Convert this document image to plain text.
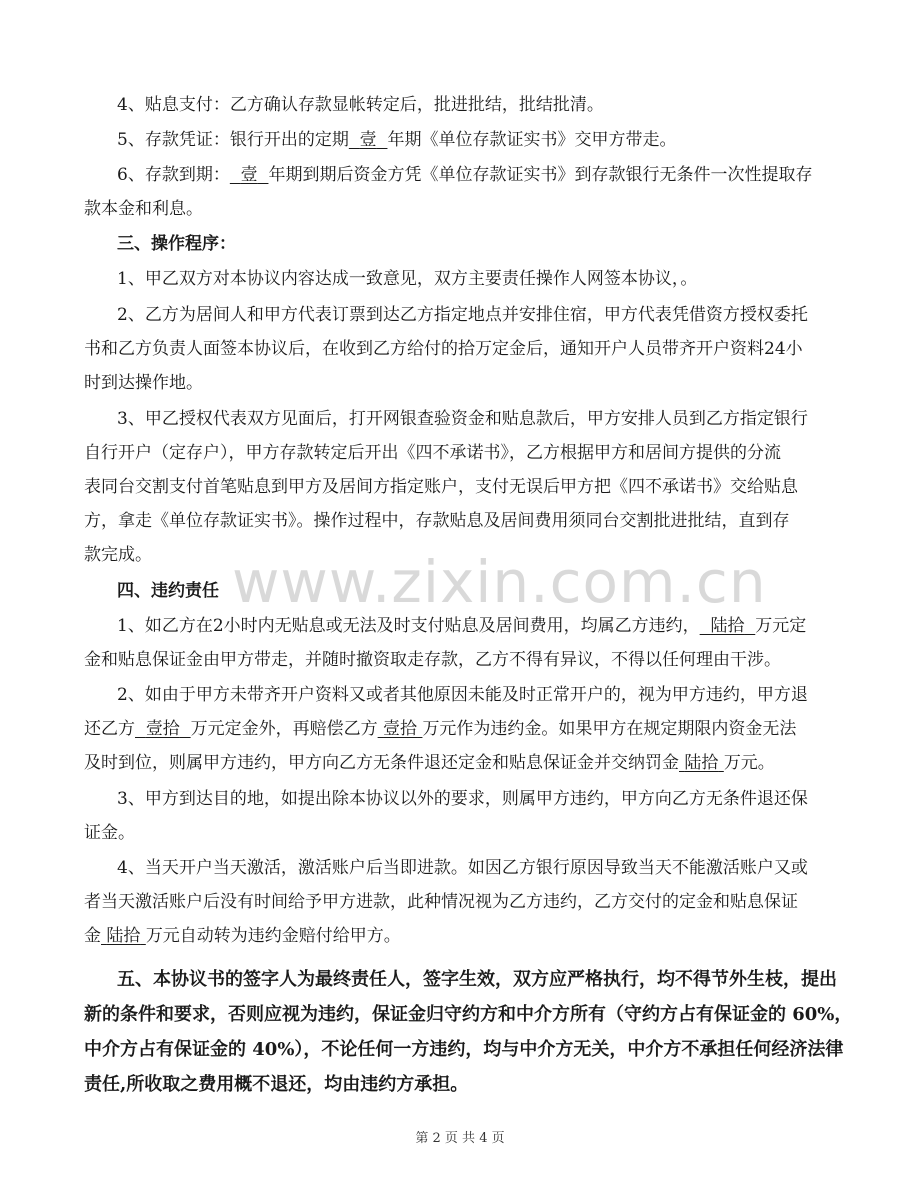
www.zixin.com.cn
4、贴息支付：乙方确认存款显帐转定后，批进批结，批结批清。
5、存款凭证：银行开出的定期 壹 年期《单位存款证实书》交甲方带走。
6、存款到期： 壹 年期到期后资金方凭《单位存款证实书》到存款银行无条件一次性提取存
款本金和利息。
三、操作程序：
1、甲乙双方对本协议内容达成一致意见，双方主要责任操作人网签本协议，。
2、乙方为居间人和甲方代表订票到达乙方指定地点并安排住宿，甲方代表凭借资方授权委托
书和乙方负责人面签本协议后，在收到乙方给付的拾万定金后，通知开户人员带齐开户资料24小
时到达操作地。
3、甲乙授权代表双方见面后，打开网银查验资金和贴息款后，甲方安排人员到乙方指定银行
自行开户（定存户），甲方存款转定后开出《四不承诺书》，乙方根据甲方和居间方提供的分流
表同台交割支付首笔贴息到甲方及居间方指定账户，支付无误后甲方把《四不承诺书》交给贴息
方，拿走《单位存款证实书》。操作过程中，存款贴息及居间费用须同台交割批进批结，直到存
款完成。
四、违约责任
1、如乙方在2小时内无贴息或无法及时支付贴息及居间费用，均属乙方违约， 陆拾 万元定
金和贴息保证金由甲方带走，并随时撤资取走存款，乙方不得有异议，不得以任何理由干涉。
2、如由于甲方未带齐开户资料又或者其他原因未能及时正常开户的，视为甲方违约，甲方退
还乙方 壹拾 万元定金外，再赔偿乙方 壹拾 万元作为违约金。如果甲方在规定期限内资金无法
及时到位，则属甲方违约，甲方向乙方无条件退还定金和贴息保证金并交纳罚金 陆拾 万元。
3、甲方到达目的地，如提出除本协议以外的要求，则属甲方违约，甲方向乙方无条件退还保
证金。
4、当天开户当天激活，激活账户后当即进款。如因乙方银行原因导致当天不能激活账户又或
者当天激活账户后没有时间给予甲方进款，此种情况视为乙方违约，乙方交付的定金和贴息保证
金 陆拾 万元自动转为违约金赔付给甲方。
五、本协议书的签字人为最终责任人，签字生效，双方应严格执行，均不得节外生枝，提出
新的条件和要求，否则应视为违约，保证金归守约方和中介方所有（守约方占有保证金的 60%，
中介方占有保证金的 40%），不论任何一方违约，均与中介方无关，中介方不承担任何经济法律
责任,所收取之费用概不退还，均由违约方承担。
第 2 页 共 4 页
